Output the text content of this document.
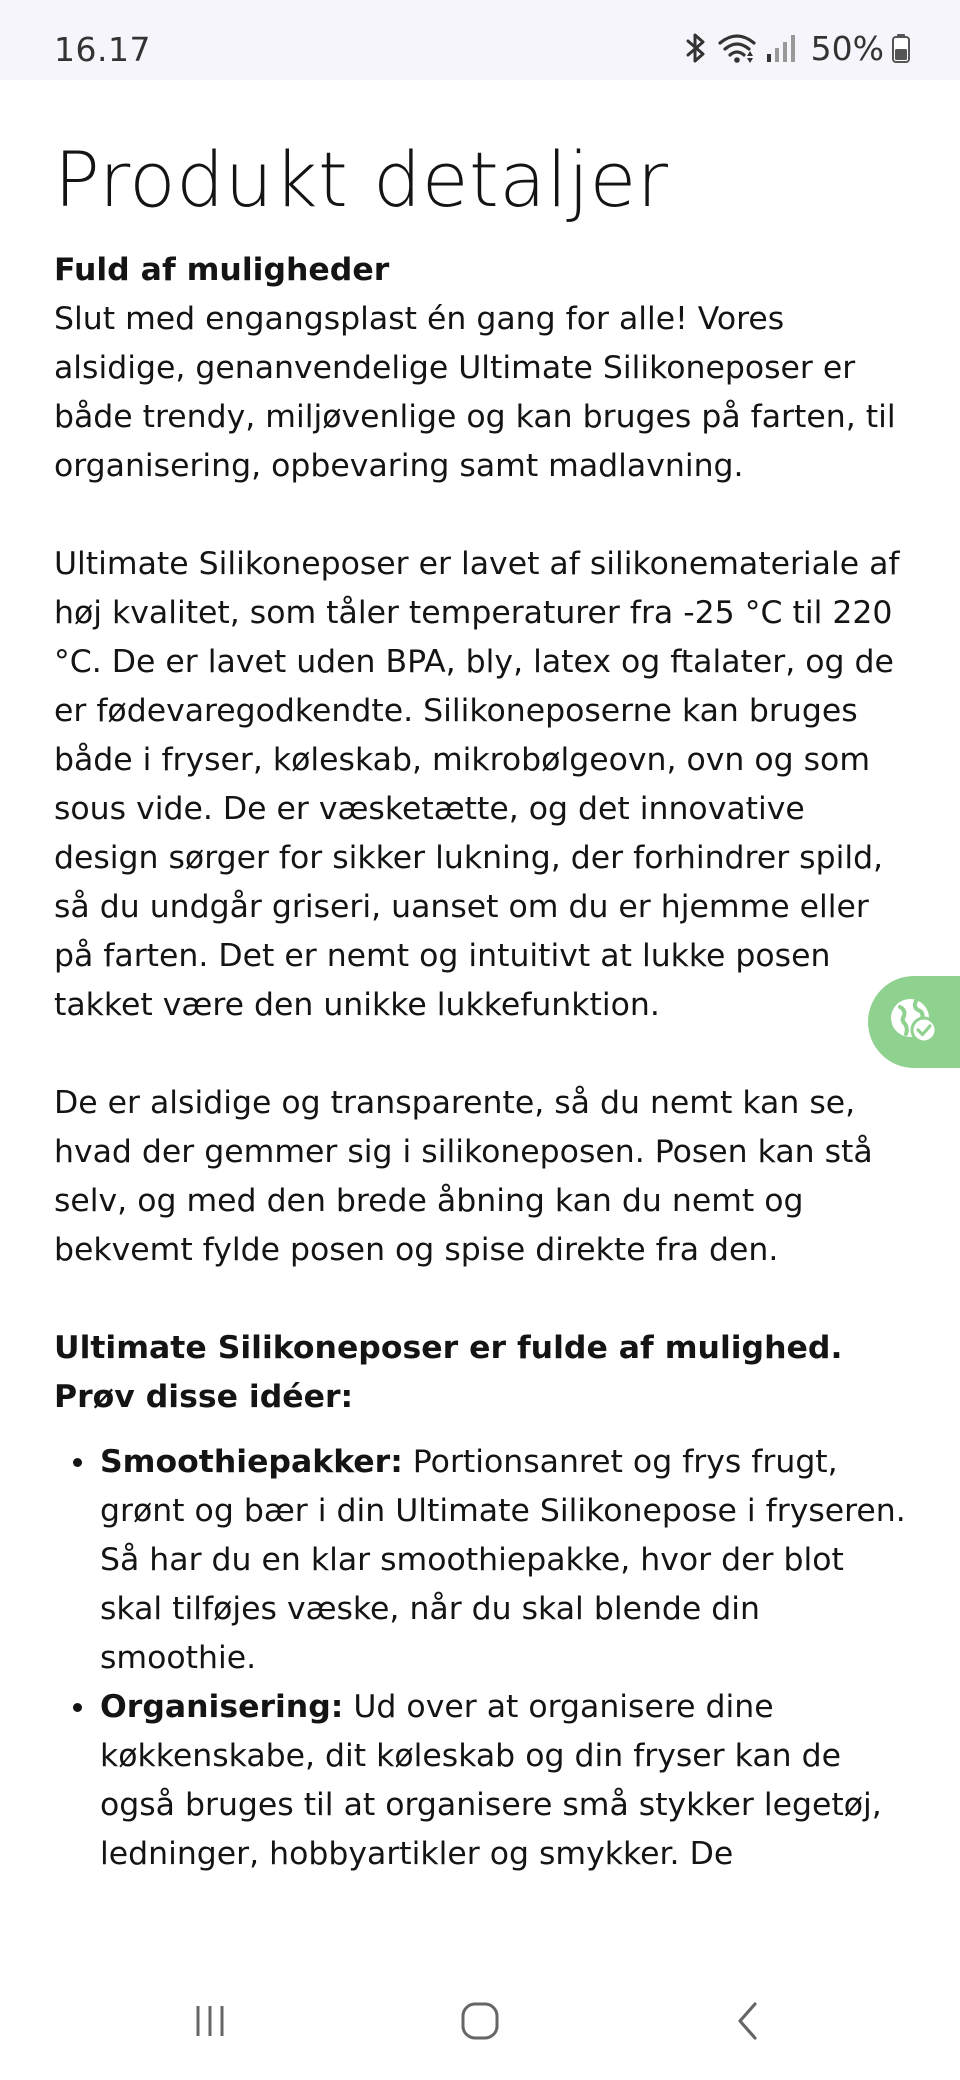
16.17	50%
Produkt detaljer
Fuld af muligheder

Slut med engangsplast én gang for alle! Vores alsidige, genanvendelige Ultimate Silikoneposer er både trendy, miljøvenlige og kan bruges på farten, til organisering, opbevaring samt madlavning.

Ultimate Silikoneposer er lavet af silikonemateriale af høj kvalitet, som tåler temperaturer fra -25 °C til 220 °C. De er lavet uden BPA, bly, latex og ftalater, og de er fødevaregodkendte. Silikoneposerne kan bruges både i fryser, køleskab, mikrobølgeovn, ovn og som sous vide. De er væsketætte, og det innovative design sørger for sikker lukning, der forhindrer spild, så du undgår griseri, uanset om du er hjemme eller på farten. Det er nemt og intuitivt at lukke posen takket være den unikke lukkefunktion.

De er alsidige og transparente, så du nemt kan se, hvad der gemmer sig i silikoneposen. Posen kan stå selv, og med den brede åbning kan du nemt og bekvemt fylde posen og spise direkte fra den.

Ultimate Silikoneposer er fulde af mulighed. Prøv disse idéer:
Smoothiepakker: Portionsanret og frys frugt, grønt og bær i din Ultimate Silikonepose i fryseren. Så har du en klar smoothiepakke, hvor der blot skal tilføjes væske, når du skal blende din smoothie.
Organisering: Ud over at organisere dine køkkenskabe, dit køleskab og din fryser kan de også bruges til at organisere små stykker legetøj, ledninger, hobbyartikler og smykker. De
